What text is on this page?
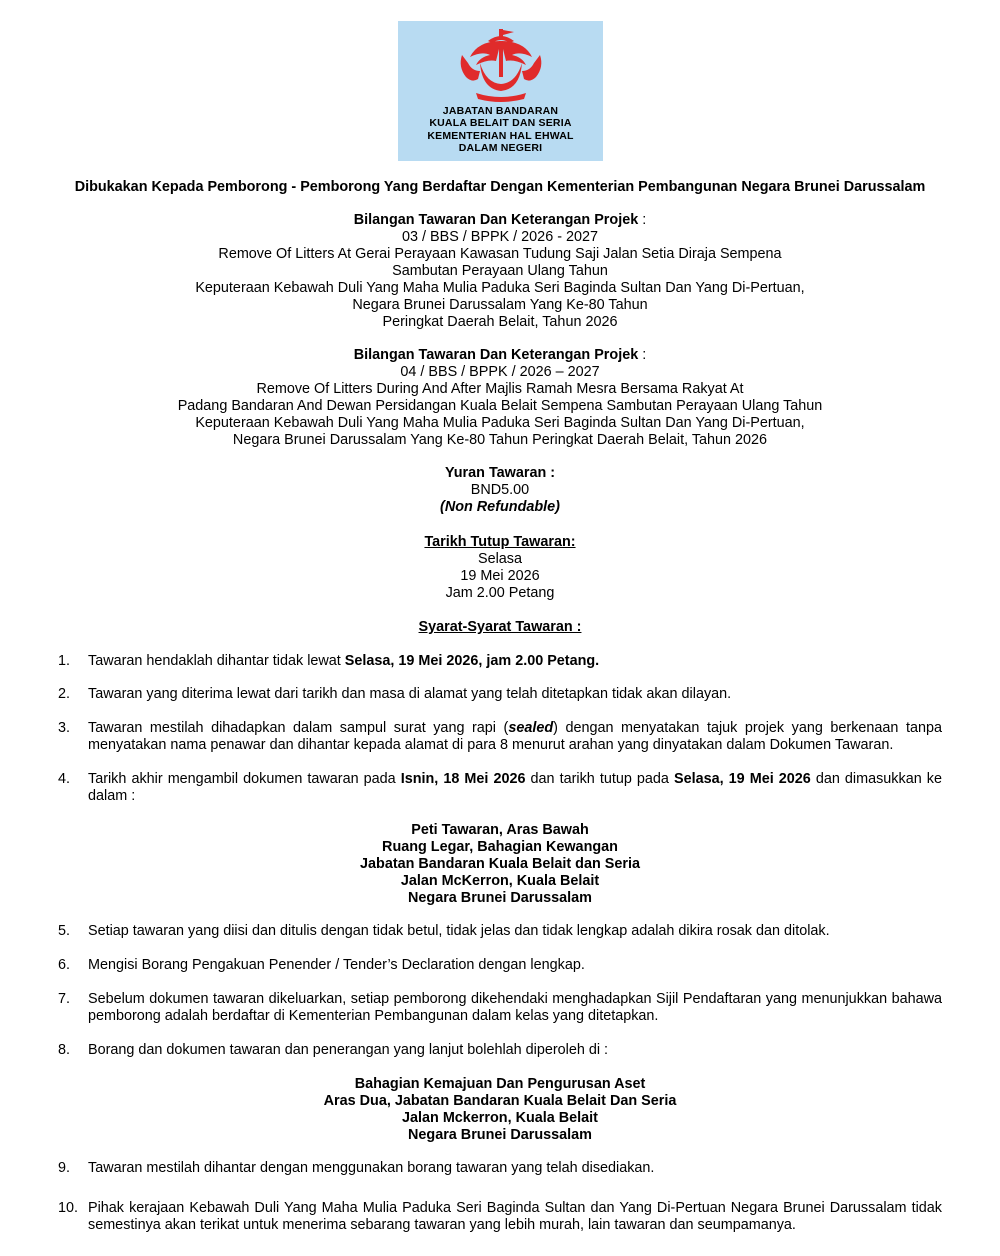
JABATAN BANDARAN
KUALA BELAIT DAN SERIA
KEMENTERIAN HAL EHWAL
DALAM NEGERI
Dibukakan Kepada Pemborong - Pemborong Yang Berdaftar Dengan Kementerian Pembangunan Negara Brunei Darussalam
Bilangan Tawaran Dan Keterangan Projek :
03 / BBS / BPPK / 2026 - 2027
Remove Of Litters At Gerai Perayaan Kawasan Tudung Saji Jalan Setia Diraja Sempena
Sambutan Perayaan Ulang Tahun
Keputeraan Kebawah Duli Yang Maha Mulia Paduka Seri Baginda Sultan Dan Yang Di-Pertuan,
Negara Brunei Darussalam Yang Ke-80 Tahun
Peringkat Daerah Belait, Tahun 2026
Bilangan Tawaran Dan Keterangan Projek :
04 / BBS / BPPK / 2026 – 2027
Remove Of Litters During And After Majlis Ramah Mesra Bersama Rakyat At
Padang Bandaran And Dewan Persidangan Kuala Belait Sempena Sambutan Perayaan Ulang Tahun
Keputeraan Kebawah Duli Yang Maha Mulia Paduka Seri Baginda Sultan Dan Yang Di-Pertuan,
Negara Brunei Darussalam Yang Ke-80 Tahun Peringkat Daerah Belait, Tahun 2026
Yuran Tawaran :
BND5.00
(Non Refundable)
Tarikh Tutup Tawaran:
Selasa
19 Mei 2026
Jam 2.00 Petang
Syarat-Syarat Tawaran :
1. Tawaran hendaklah dihantar tidak lewat Selasa, 19 Mei 2026, jam 2.00 Petang.
2. Tawaran yang diterima lewat dari tarikh dan masa di alamat yang telah ditetapkan tidak akan dilayan.
3. Tawaran mestilah dihadapkan dalam sampul surat yang rapi (sealed) dengan menyatakan tajuk projek yang berkenaan tanpa menyatakan nama penawar dan dihantar kepada alamat di para 8 menurut arahan yang dinyatakan dalam Dokumen Tawaran.
4. Tarikh akhir mengambil dokumen tawaran pada Isnin, 18 Mei 2026 dan tarikh tutup pada Selasa, 19 Mei 2026 dan dimasukkan ke dalam :
Peti Tawaran, Aras Bawah
Ruang Legar, Bahagian Kewangan
Jabatan Bandaran Kuala Belait dan Seria
Jalan McKerron, Kuala Belait
Negara Brunei Darussalam
5. Setiap tawaran yang diisi dan ditulis dengan tidak betul, tidak jelas dan tidak lengkap adalah dikira rosak dan ditolak.
6. Mengisi Borang Pengakuan Penender / Tender’s Declaration dengan lengkap.
7. Sebelum dokumen tawaran dikeluarkan, setiap pemborong dikehendaki menghadapkan Sijil Pendaftaran yang menunjukkan bahawa pemborong adalah berdaftar di Kementerian Pembangunan dalam kelas yang ditetapkan.
8. Borang dan dokumen tawaran dan penerangan yang lanjut bolehlah diperoleh di :
Bahagian Kemajuan Dan Pengurusan Aset
Aras Dua, Jabatan Bandaran Kuala Belait Dan Seria
Jalan Mckerron, Kuala Belait
Negara Brunei Darussalam
9. Tawaran mestilah dihantar dengan menggunakan borang tawaran yang telah disediakan.
10. Pihak kerajaan Kebawah Duli Yang Maha Mulia Paduka Seri Baginda Sultan dan Yang Di-Pertuan Negara Brunei Darussalam tidak semestinya akan terikat untuk menerima sebarang tawaran yang lebih murah, lain tawaran dan seumpamanya.
